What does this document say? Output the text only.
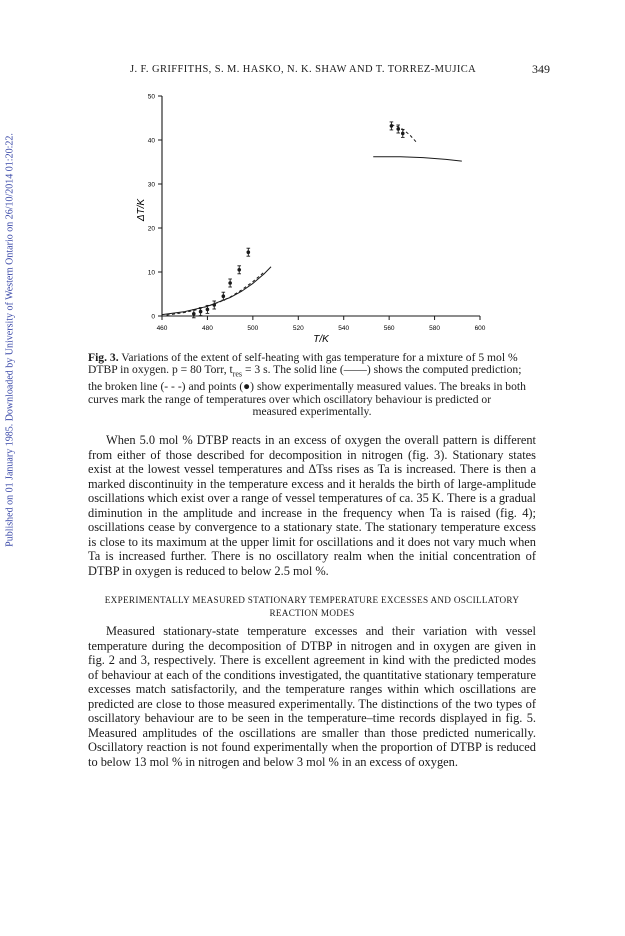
Published on 01 January 1985. Downloaded by University of Western Ontario on 26/10/2014 01:20:22.
J. F. GRIFFITHS, S. M. HASKO, N. K. SHAW AND T. TORREZ-MUJICA	349
460	480	500	520	540	560	580	600
0
10
20
30
40
50
T/K
ΔT/K
Fig. 3. Variations of the extent of self-heating with gas temperature for a mixture of 5 mol %
DTBP in oxygen. p = 80 Torr, $t_{res} = 3$ s. The solid line (——) shows the computed prediction;
the broken line (- - -) and points (●) show experimentally measured values. The breaks in both
curves mark the range of temperatures over which oscillatory behaviour is predicted or

measured experimentally.

When 5.0 mol % DTBP reacts in an excess of oxygen the overall pattern is different from either of those described for decomposition in nitrogen (fig. 3). Stationary states exist at the lowest vessel temperatures and ΔTss rises as Ta is increased. There is then a marked discontinuity in the temperature excess and it heralds the birth of large-amplitude oscillations which exist over a range of vessel temperatures of ca. 35 K. There is a gradual diminution in the amplitude and increase in the frequency when Ta is raised (fig. 4); oscillations cease by convergence to a stationary state. The stationary temperature excess is close to its maximum at the upper limit for oscillations and it does not vary much when Ta is increased further. There is no oscillatory realm when the initial concentration of DTBP in oxygen is reduced to below 2.5 mol %.

EXPERIMENTALLY MEASURED STATIONARY TEMPERATURE EXCESSES AND OSCILLATORY
REACTION MODES

Measured stationary-state temperature excesses and their variation with vessel temperature during the decomposition of DTBP in nitrogen and in oxygen are given in fig. 2 and 3, respectively. There is excellent agreement in kind with the predicted modes of behaviour at each of the conditions investigated, the quantitative stationary temperature excesses match satisfactorily, and the temperature ranges within which oscillations are predicted are close to those measured experimentally. The distinctions of the two types of oscillatory behaviour are to be seen in the temperature–time records displayed in fig. 5. Measured amplitudes of the oscillations are smaller than those predicted numerically. Oscillatory reaction is not found experimentally when the proportion of DTBP is reduced to below 13 mol % in nitrogen and below 3 mol % in an excess of oxygen.
